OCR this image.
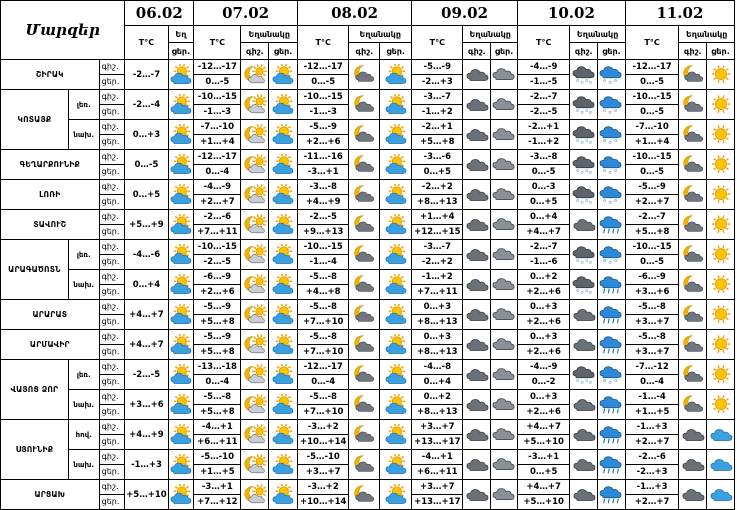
Մարզեր			06.02		07.02			08.02			09.02			10.02			11.02		
			T°C	Եղ	T°C	Եղանակը		T°C	Եղանակը		T°C	Եղանակը		T°C	Եղանակը		T°C	Եղանակը	
				ցեր.		գիշ.	ցեր.		գիշ.	ցեր.		գիշ.	ցեր.		գիշ.	ցեր.		գիշ.	ցեր.
ՇԻՐԱԿ		գիշ.	-2…-7		-12…-17			-12…-17			-5…-9			-4…-9			-12…-17	

		ցեր.			0…-5			0…-5			-2…+3			-1…-5			0…-5		
ԿՈՏԱՅՔ	լեռ.	գիշ.	-2…-4		-10…-15			-10…-15			-3…-7			-2…-7			-10…-15	

		ցեր.			-1…-3			-1…-3			-1…+2			-2…-5			0…-5		
	նախ.	գիշ.	0…+3		-7…-10			-5…-9			-2…+1			-2…+1			-7…-10	

		ցեր.			+1…+4			+2…+6			+5…+8			-1…+2			+1…+4		
ԳԵՂԱՐՔՈՒՆԻՔ		գիշ.	0…-5		-12…-17			-11…-16			-3…-6			-3…-8			-10…-15	

		ցեր.			0…-4			-3…+1			0…+5			0…-5			0…-5		
ԼՈՌԻ		գիշ.	0…+5		-4…-9			-3…-8			-2…+2			0…-3			-5…-9	

		ցեր.			+2…+7			+4…+9			+8…+13			0…+5			+2…+7		
ՏԱՎՈՒՇ		գիշ.	+5…+9		-2…-6			-2…-5			+1…+4			0…+4			-2…-7	

		ցեր.			+7…+11			+9…+13			+12…+15			+4…+7			+5…+8		
ԱՐԱԳԱԾՈՏՆ	լեռ.	գիշ.	-4…-6		-10…-15			-10…-15			-3…-7			-2…-7			-10…-15	

		ցեր.			-2…-5			-1…-4			-2…+2			-1…-6			0…-5		
	նախ.	գիշ.	0…+4		-6…-9			-5…-8			-1…+2			0…+2			-6…-9	

		ցեր.			+2…+6			+4…+8			+7…+11			+2…+6			+3…+6		
ԱՐԱՐԱՏ		գիշ.	+4…+7		-5…-9			-5…-8			0…+3			0…+3			-5…-8	

		ցեր.			+5…+8			+7…+10			+8…+13			+2…+6			+3…+7		
ԱՐՄԱՎԻՐ		գիշ.	+4…+7		-5…-9			-5…-8			0…+3			0…+3			-5…-8	

		ցեր.			+5…+8			+7…+10			+8…+13			+2…+6			+3…+7		
ՎԱՅՈՑ ՁՈՐ	լեռ.	գիշ.	-2…-5		-13…-18			-12…-17			-4…-8			-4…-9			-7…-12	

		ցեր.			0…-4			0…-4			0…+4			0…-2			0…-4		
	նախ.	գիշ.	+3…+6		-5…-8			-5…-8			0…+2			0…+3			-1…-4	

		ցեր.			+5…+8			+7…+10			+8…+13			+2…+6			+1…+5		
ՍՅՈՒՆԻՔ	հով.	գիշ.	+4…+9		-4…+1			-3…+2			+3…+7			+4…+7			-1…+3	

		ցեր.			+6…+11			+10…+14			+13…+17			+5…+10			+2…+7		
	նախ.	գիշ.	-1…+3		-5…-10			-5…-10			-4…+1			-3…+1			-2…-6	

		ցեր.			+1…+5			+3…+7			+6…+11			0…+5			-2…+3		
ԱՐՑԱԽ		գիշ.	+5…+10		-3…+1			-3…+2			+3…+7			+4…+7			-1…+3	

		ցեր.			+7…+12			+10…+14			+13…+17			+5…+10			+2…+7		
